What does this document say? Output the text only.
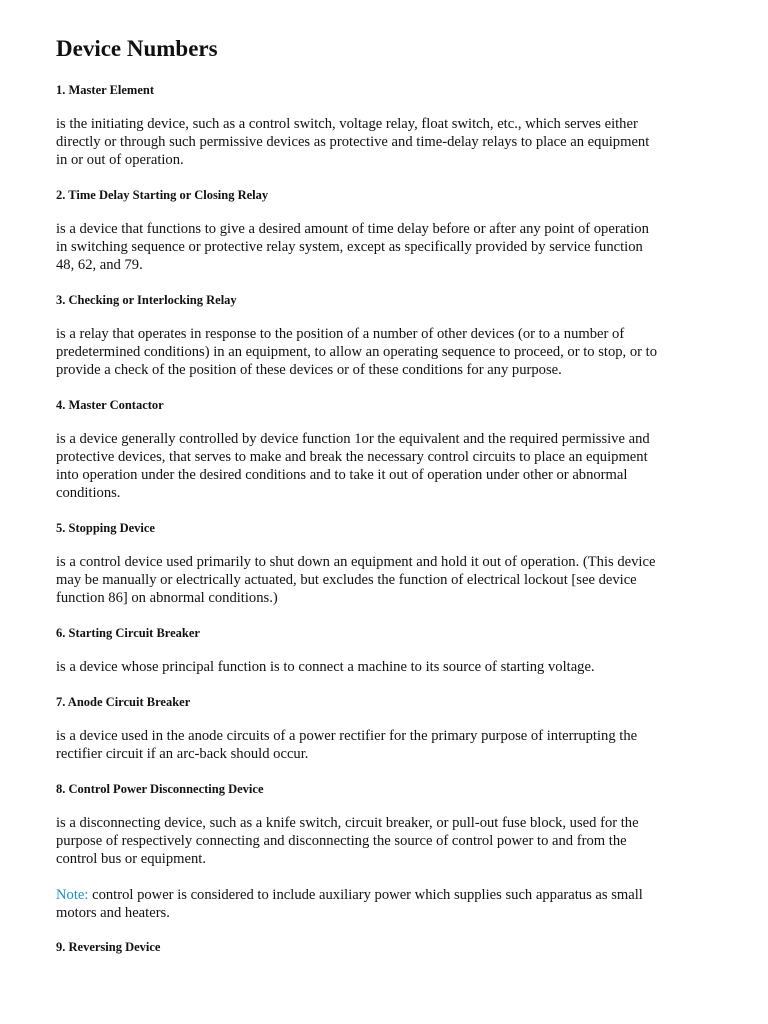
Device Numbers
1. Master Element

is the initiating device, such as a control switch, voltage relay, float switch, etc., which serves either directly or through such permissive devices as protective and time-delay relays to place an equipment in or out of operation.

2. Time Delay Starting or Closing Relay

is a device that functions to give a desired amount of time delay before or after any point of operation in switching sequence or protective relay system, except as specifically provided by service function 48, 62, and 79.

3. Checking or Interlocking Relay

is a relay that operates in response to the position of a number of other devices (or to a number of predetermined conditions) in an equipment, to allow an operating sequence to proceed, or to stop, or to provide a check of the position of these devices or of these conditions for any purpose.

4. Master Contactor

is a device generally controlled by device function 1or the equivalent and the required permissive and protective devices, that serves to make and break the necessary control circuits to place an equipment into operation under the desired conditions and to take it out of operation under other or abnormal conditions.

5. Stopping Device

is a control device used primarily to shut down an equipment and hold it out of operation. (This device may be manually or electrically actuated, but excludes the function of electrical lockout [see device function 86] on abnormal conditions.)

6. Starting Circuit Breaker

is a device whose principal function is to connect a machine to its source of starting voltage.

7. Anode Circuit Breaker

is a device used in the anode circuits of a power rectifier for the primary purpose of interrupting the rectifier circuit if an arc-back should occur.

8. Control Power Disconnecting Device

is a disconnecting device, such as a knife switch, circuit breaker, or pull-out fuse block, used for the purpose of respectively connecting and disconnecting the source of control power to and from the control bus or equipment.

Note: control power is considered to include auxiliary power which supplies such apparatus as small motors and heaters.

9. Reversing Device
